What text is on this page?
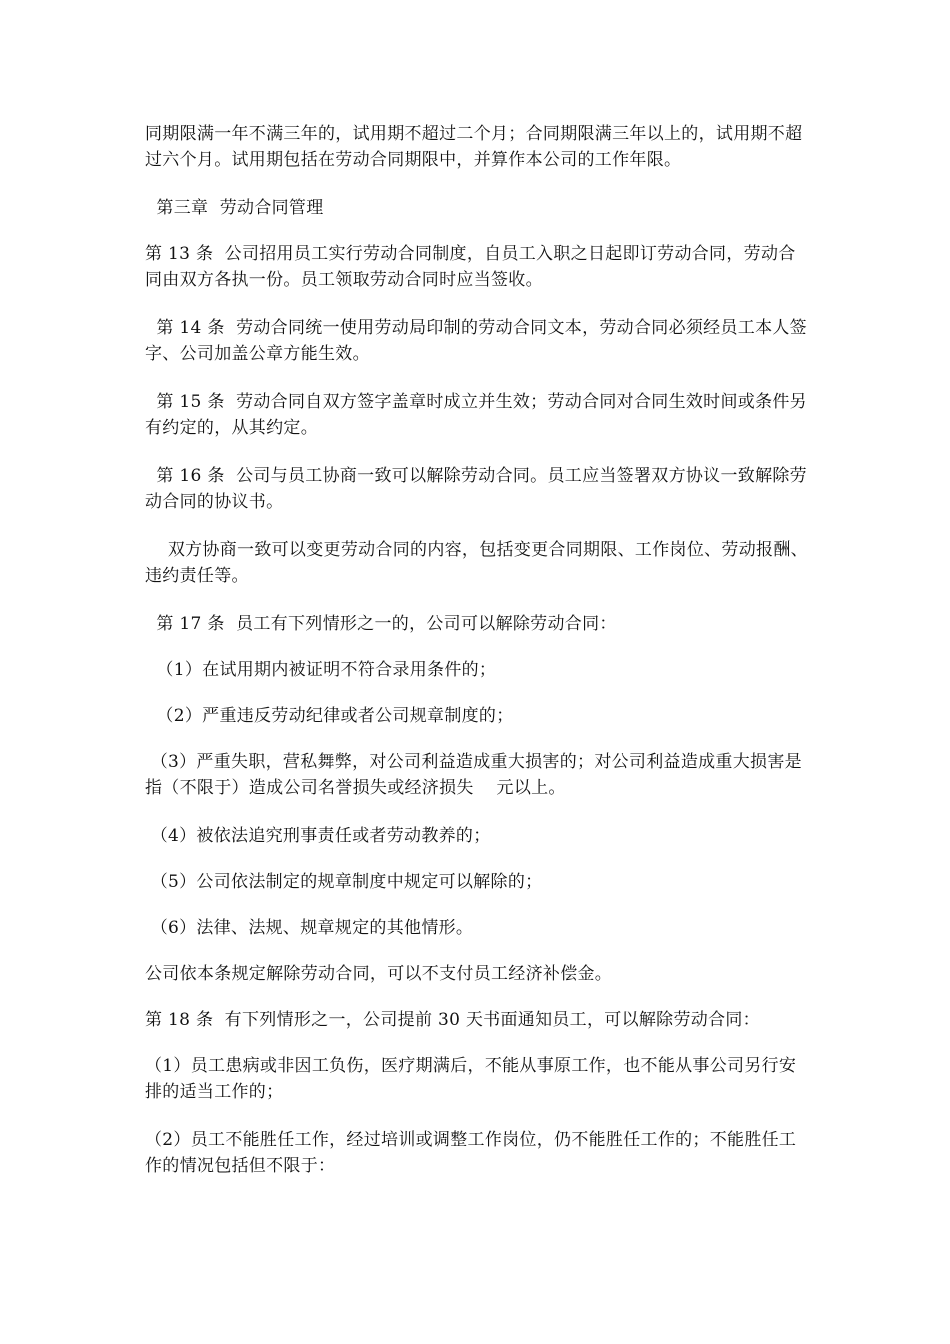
同期限满一年不满三年的，试用期不超过二个月；合同期限满三年以上的，试用期不超过六个月。试用期包括在劳动合同期限中，并算作本公司的工作年限。

第三章  劳动合同管理

第 13 条  公司招用员工实行劳动合同制度，自员工入职之日起即订劳动合同，劳动合同由双方各执一份。员工领取劳动合同时应当签收。

第 14 条  劳动合同统一使用劳动局印制的劳动合同文本，劳动合同必须经员工本人签字、公司加盖公章方能生效。

第 15 条  劳动合同自双方签字盖章时成立并生效；劳动合同对合同生效时间或条件另有约定的，从其约定。

第 16 条  公司与员工协商一致可以解除劳动合同。员工应当签署双方协议一致解除劳动合同的协议书。

双方协商一致可以变更劳动合同的内容，包括变更合同期限、工作岗位、劳动报酬、违约责任等。

第 17 条  员工有下列情形之一的，公司可以解除劳动合同：

（1）在试用期内被证明不符合录用条件的；

（2）严重违反劳动纪律或者公司规章制度的；

（3）严重失职，营私舞弊，对公司利益造成重大损害的；对公司利益造成重大损害是指（不限于）造成公司名誉损失或经济损失    元以上。

（4）被依法追究刑事责任或者劳动教养的；

（5）公司依法制定的规章制度中规定可以解除的；

（6）法律、法规、规章规定的其他情形。

公司依本条规定解除劳动合同，可以不支付员工经济补偿金。

第 18 条  有下列情形之一，公司提前 30 天书面通知员工，可以解除劳动合同：

（1）员工患病或非因工负伤，医疗期满后，不能从事原工作，也不能从事公司另行安排的适当工作的；

（2）员工不能胜任工作，经过培训或调整工作岗位，仍不能胜任工作的；不能胜任工作的情况包括但不限于：
